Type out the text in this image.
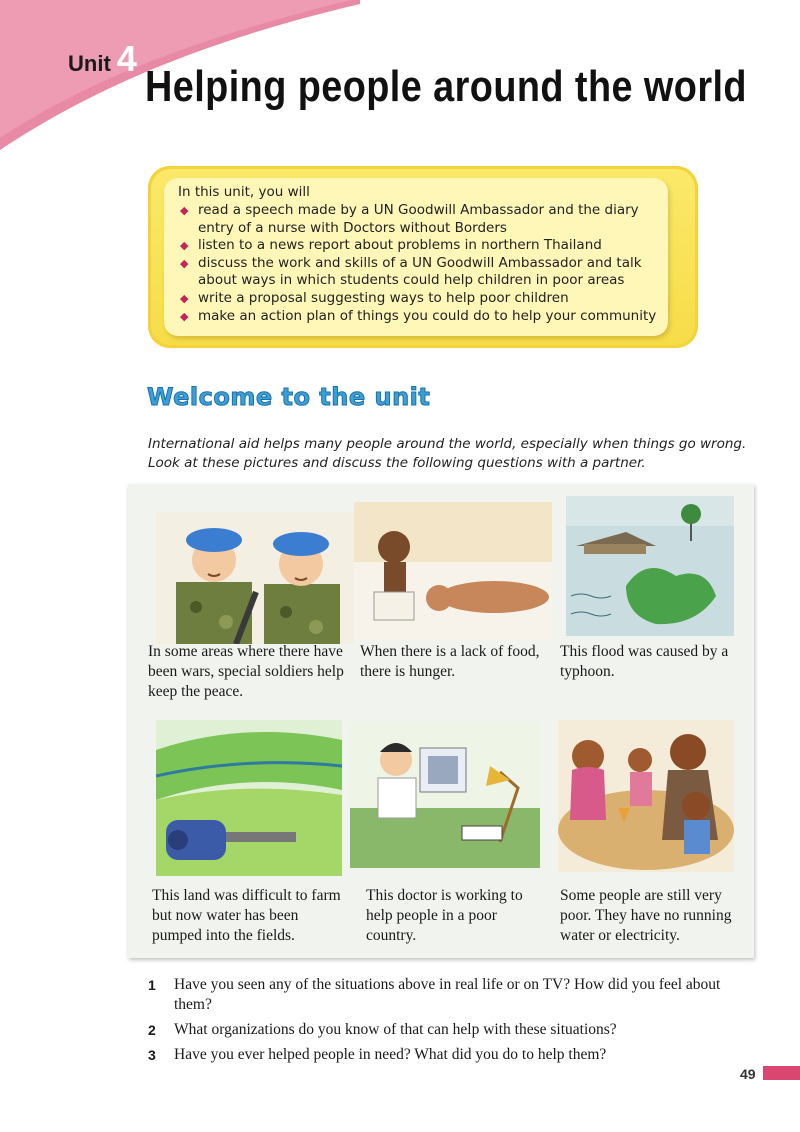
Unit 4
Helping people around the world
In this unit, you will
◆ read a speech made by a UN Goodwill Ambassador and the diary entry of a nurse with Doctors without Borders
◆ listen to a news report about problems in northern Thailand
◆ discuss the work and skills of a UN Goodwill Ambassador and talk about ways in which students could help children in poor areas
◆ write a proposal suggesting ways to help poor children
◆ make an action plan of things you could do to help your community
Welcome to the unit
International aid helps many people around the world, especially when things go wrong. Look at these pictures and discuss the following questions with a partner.
In some areas where there have been wars, special soldiers help keep the peace.
When there is a lack of food, there is hunger.
This flood was caused by a typhoon.
This land was difficult to farm but now water has been pumped into the fields.
This doctor is working to help people in a poor country.
Some people are still very poor. They have no running water or electricity.
1 Have you seen any of the situations above in real life or on TV? How did you feel about them?
2 What organizations do you know of that can help with these situations?
3 Have you ever helped people in need? What did you do to help them?
49
